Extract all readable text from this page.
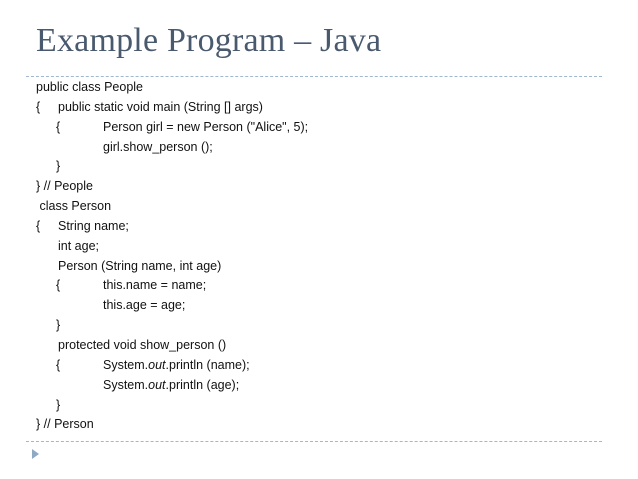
Example Program – Java

public class People

{

public static void main (String [] args)

{

	Person girl = new Person ("Alice", 5);

girl.show_person ();

}

} // People

class Person

{

String name;

int age;

Person (String name, int age)

{

	this.name = name;

this.age = age;

}

protected void show_person ()

{

	System.out.println (name);

System.out.println (age);

}

} // Person
